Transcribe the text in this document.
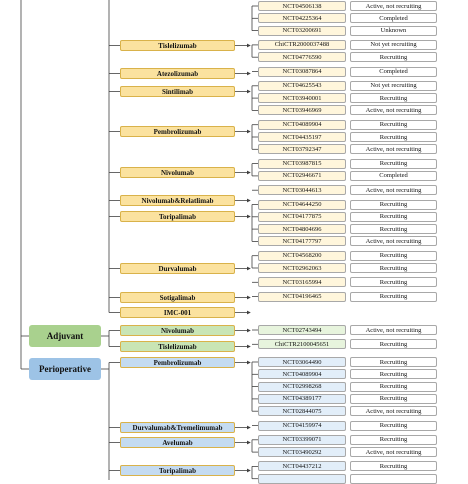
Adjuvant
Perioperative
NCT04506138	Active, not recruiting
NCT04225364	Completed
NCT03200691	Unknown
ChiCTR2000037488	Not yet recruiting
NCT04776590	Recruiting
Tislelizumab
NCT03087864	Completed
Atezolizumab
NCT04625543	Not yet recruiting
NCT03940001	Recruiting
NCT03946969	Active, not recruiting
Sintilimab
NCT04089904	Recruiting
NCT04435197	Recruiting
NCT03792347	Active, not recruiting
Pembrolizumab
NCT03987815	Recruiting
NCT02946671	Completed
Nivolumab
NCT03044613	Active, not recruiting
Nivolumab&Relatlimab	NCT04644250	Recruiting
NCT04177875	Recruiting
NCT04804696	Recruiting
NCT04177797	Active, not recruiting
Toripalimab
NCT04568200	Recruiting
NCT02962063	Recruiting
Durvalumab
NCT03165994	Recruiting
Sotigalimab	NCT04196465	Recruiting
IMC-001
NCT02743494	Active, not recruiting
Nivolumab
ChiCTR2100045651	Recruiting
Tislelizumab
NCT03064490	Recruiting
NCT04089904	Recruiting
NCT02998268	Recruiting
NCT04389177	Recruiting
NCT02844075	Active, not recruiting
Pembrolizumab
NCT04159974	Recruiting
Durvalumab&Tremelimumab
NCT03399071	Recruiting
NCT03490292	Active, not recruiting
Avelumab
NCT04437212	Recruiting
Toripalimab
